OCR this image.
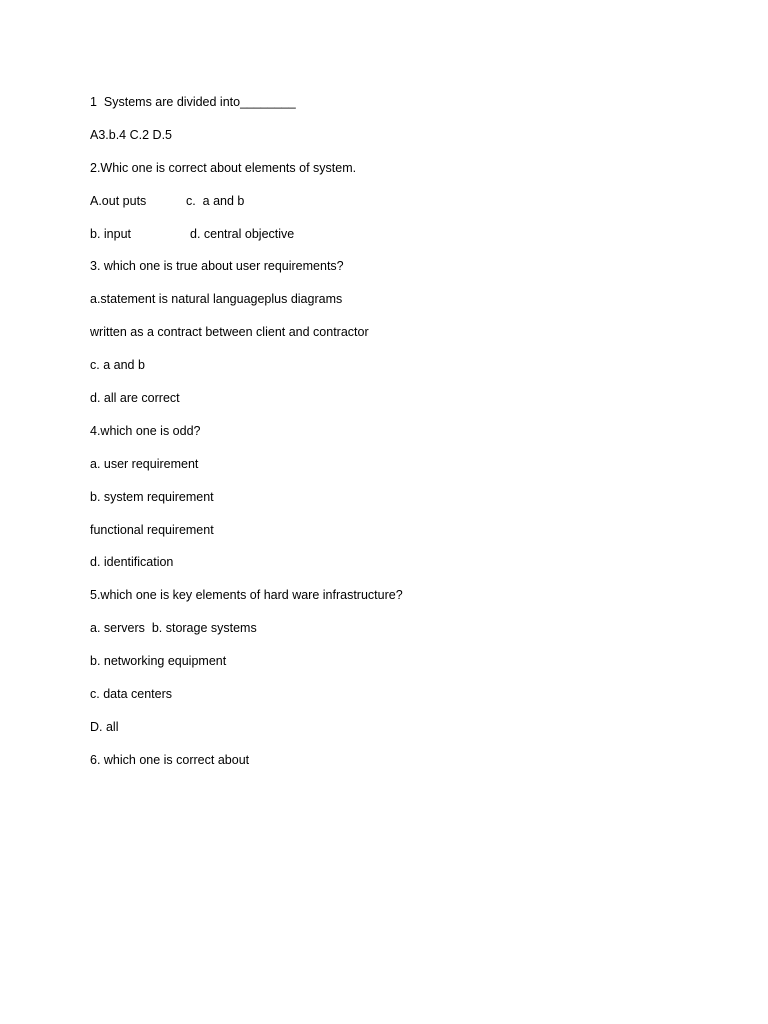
1  Systems are divided into________
A3.b.4 C.2 D.5
2.Whic one is correct about elements of system.
A.out puts	c.  a and b
b. input	d. central objective
3. which one is true about user requirements?
a.statement is natural languageplus diagrams
written as a contract between client and contractor
c. a and b
d. all are correct
4.which one is odd?
a. user requirement
b. system requirement
functional requirement
d. identification
5.which one is key elements of hard ware infrastructure?
a. servers  b. storage systems
b. networking equipment
c. data centers
D. all
6. which one is correct about
